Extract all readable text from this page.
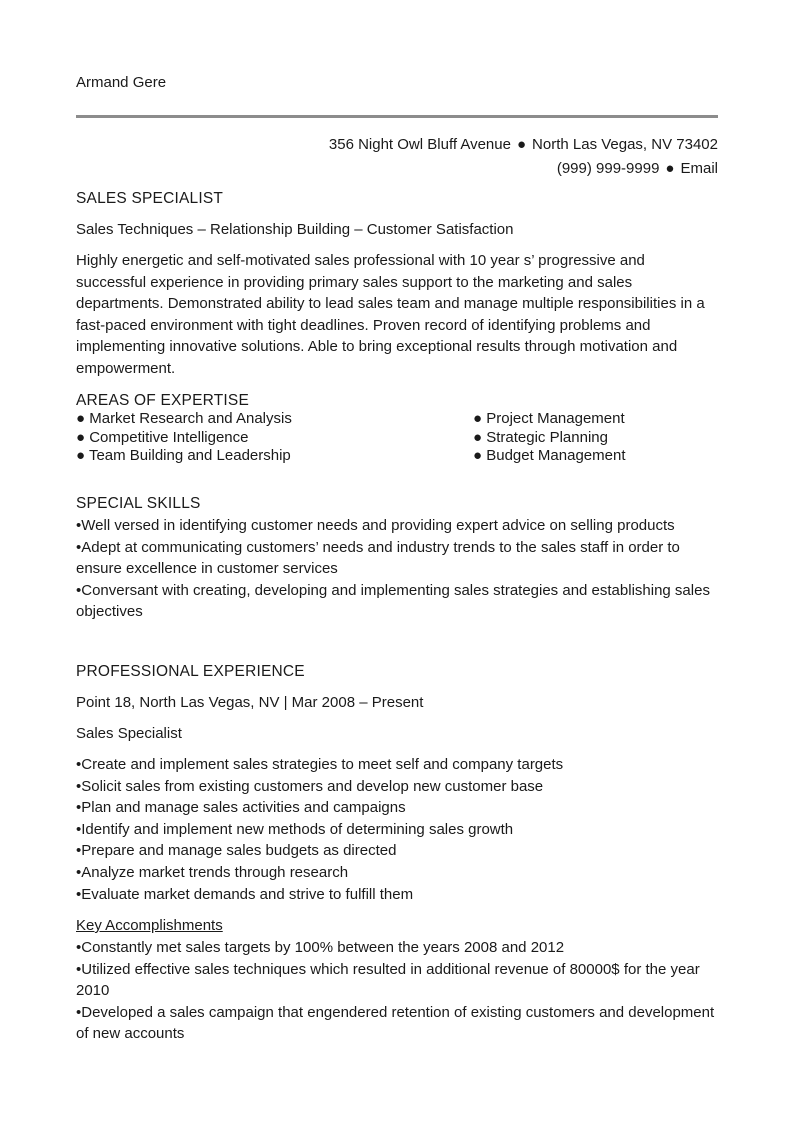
Armand Gere
356 Night Owl Bluff Avenue ● North Las Vegas, NV 73402
(999) 999-9999 ● Email
SALES SPECIALIST
Sales Techniques – Relationship Building – Customer Satisfaction
Highly energetic and self-motivated sales professional with 10 year s’ progressive and successful experience in providing primary sales support to the marketing and sales departments. Demonstrated ability to lead sales team and manage multiple responsibilities in a fast-paced environment with tight deadlines. Proven record of identifying problems and implementing innovative solutions. Able to bring exceptional results through motivation and empowerment.
AREAS OF EXPERTISE
● Market Research and Analysis
● Competitive Intelligence
● Team Building and Leadership
● Project Management
● Strategic Planning
● Budget Management
SPECIAL SKILLS
•Well versed in identifying customer needs and providing expert advice on selling products
•Adept at communicating customers’ needs and industry trends to the sales staff in order to ensure excellence in customer services
•Conversant with creating, developing and implementing sales strategies and establishing sales objectives
PROFESSIONAL EXPERIENCE
Point 18, North Las Vegas, NV | Mar 2008 – Present
Sales Specialist
•Create and implement sales strategies to meet self and company targets
•Solicit sales from existing customers and develop new customer base
•Plan and manage sales activities and campaigns
•Identify and implement new methods of determining sales growth
•Prepare and manage sales budgets as directed
•Analyze market trends through research
•Evaluate market demands and strive to fulfill them
Key Accomplishments
•Constantly met sales targets by 100% between the years 2008 and 2012
•Utilized effective sales techniques which resulted in additional revenue of 80000$ for the year 2010
•Developed a sales campaign that engendered retention of existing customers and development of new accounts
